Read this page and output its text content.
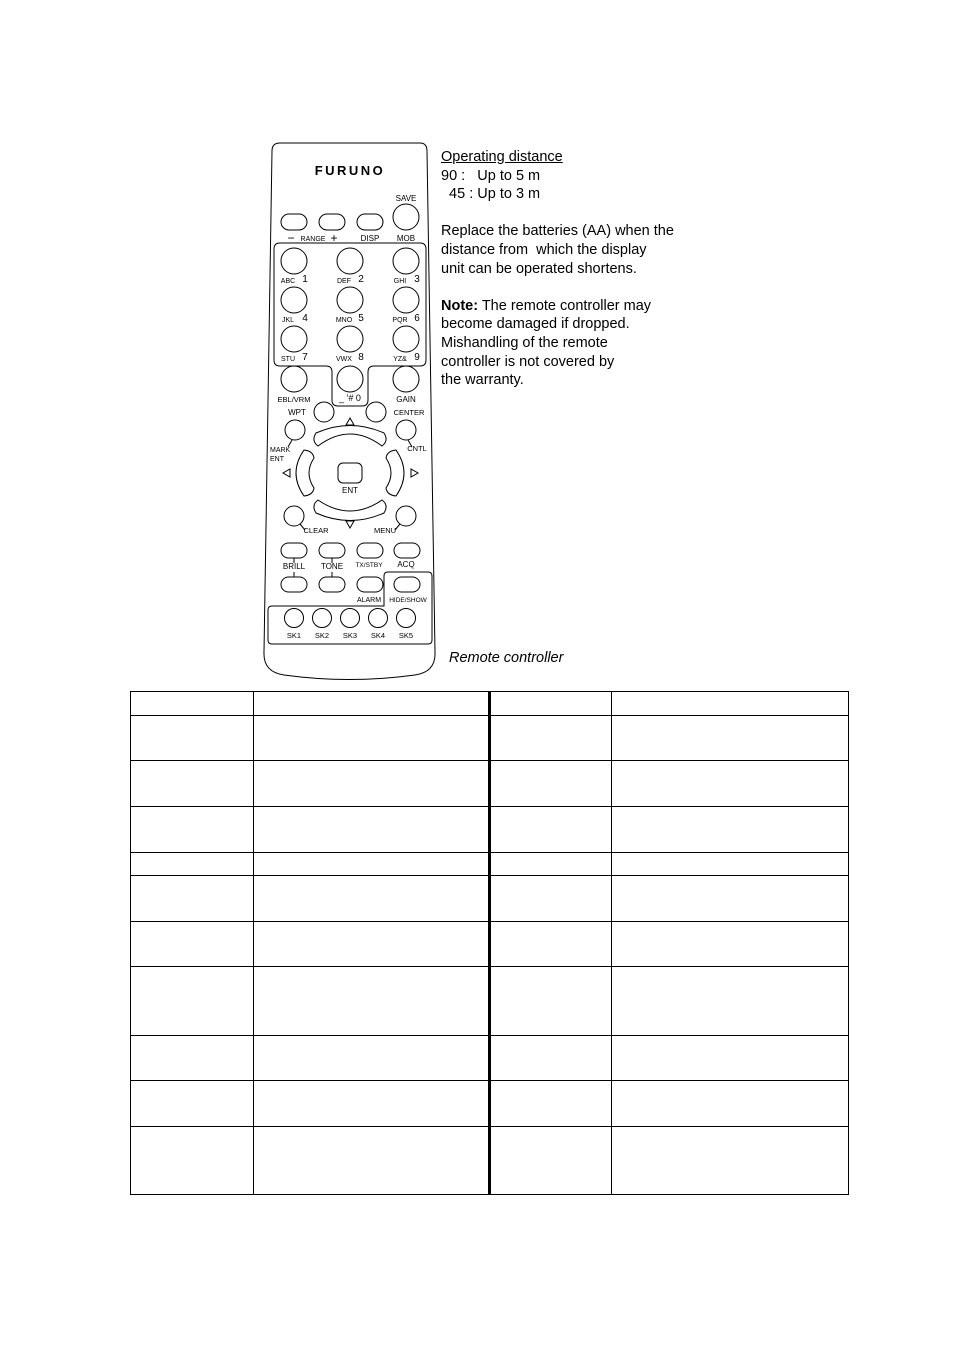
FURUNO
SAVE
− RANGE +	DISP MOB
ABC 1	DEF 2	GHI 3
JKL 4	MNO 5	PQR 6
STU 7	VWX 8	YZ& 9
_ '# 0
EBL/VRM	GAIN
WPT	CENTER
MARK
ENT
CNTL
ENT
CLEAR	MENU
BRILL TONE TX/STBY ACQ
ALARM HIDE/SHOW
SK1 SK2 SK3 SK4 SK5
Operating distance
90 :   Up to 5 m
45 : Up to 3 m
Replace the batteries (AA) when the
distance from  which the display
unit can be operated shortens.
Note: The remote controller may
become damaged if dropped.
Mishandling of the remote
controller is not covered by
the warranty.
Remote controller
